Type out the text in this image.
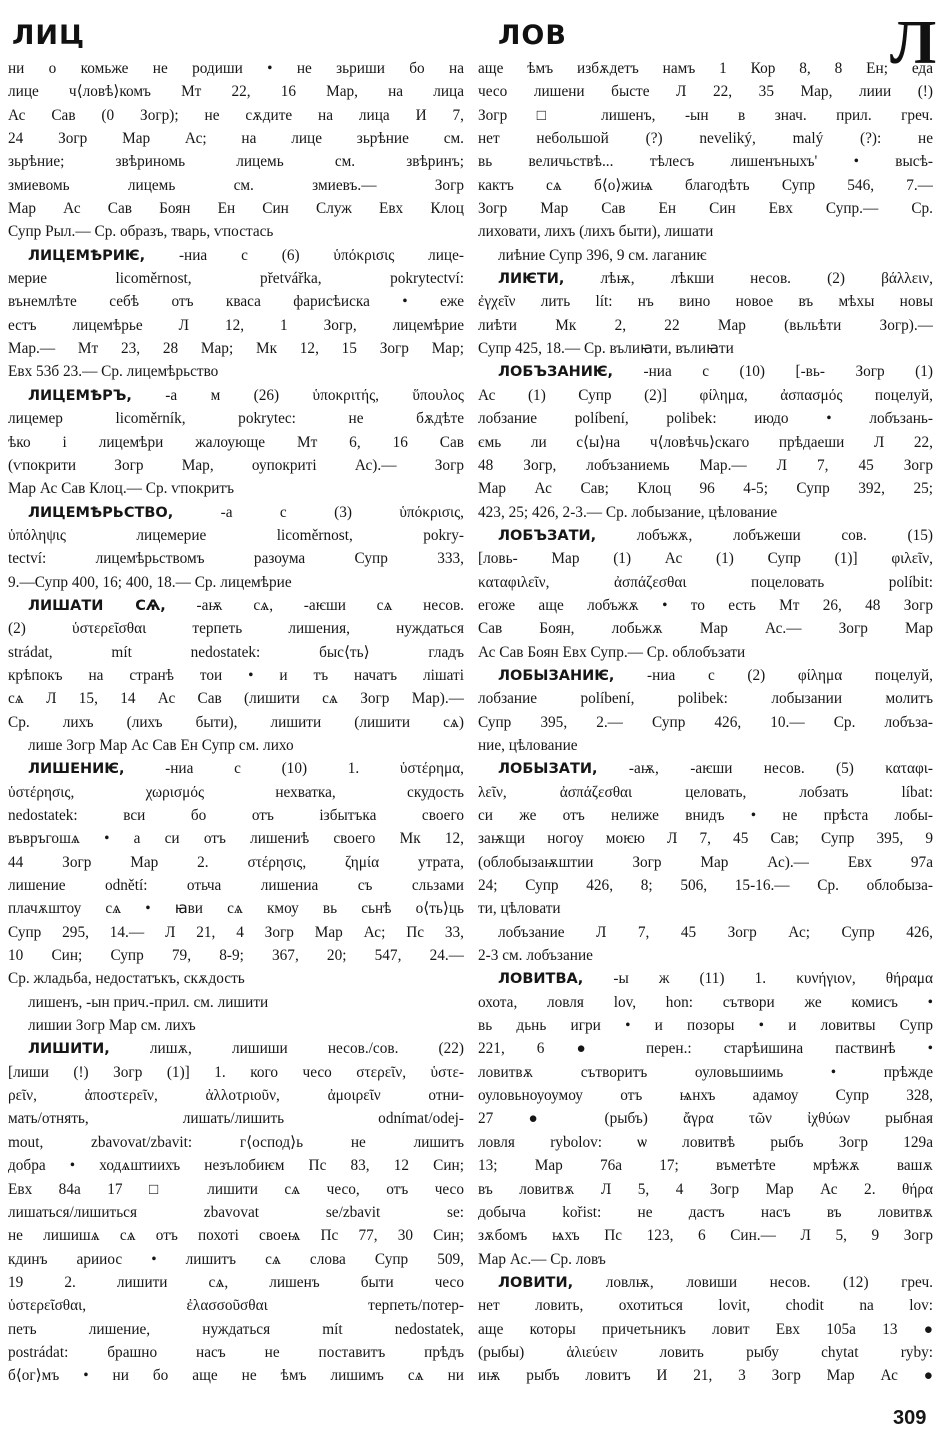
ЛИЦ	ЛОВ	Л
ни о комьже не родиши • не зьриши бо на
лице ч⟨ловѣ⟩комъ Мт 22, 16 Мар, на лица
Ас Сав (0 Зогр); не сѫдите на лица И 7,
24 Зогр Мар Ас; на лице зьрѣние см.
зьрѣние; звѣриномь лицемь см. звѣринъ;
змиевомь лицемь см. змиевъ.— Зогр
Мар Ас Сав Боян Ен Син Служ Евх Клоц
Супр Рыл.— Ср. образъ, тварь, ѵпостась
ЛИЦЕМѢРИѤ, -ниа с (6) ὑπόκρισις лице-
мерие licoměrnost, přetvářka, pokrytectví:
вънемлѣте себѣ отъ кваса фарисѣиска • еже
естъ лицемѣрье Л 12, 1 Зогр, лицемѣрие
Мар.— Мт 23, 28 Мар; Мк 12, 15 Зогр Мар;
Евх 53б 23.— Ср. лицемѣрьство
ЛИЦЕМѢРЪ, -а м (26) ὑποκριτής, ὕπουλος
лицемер licoměrník, pokrytec: не бѫдѣте
ѣко і лицемѣри жалоующе Мт 6, 16 Сав
(ѵпокрити Зогр Мар, оупокриті Ас).— Зогр
Мар Ас Сав Клоц.— Ср. ѵпокритъ
ЛИЦЕМѢРЬСТВО, -а с (3) ὑπόκρισις,
ὑπόληψις лицемерие licoměrnost, pokry-
tectví: лицемѣрьствомъ разоума Супр 333,
9.—Супр 400, 16; 400, 18.— Ср. лицемѣрие
ЛИШАТИ СѦ, -аѭ сѧ, -аѥши сѧ несов.
(2) ὑστερεῖσθαι терпеть лишения, нуждаться
strádat, mít nedostatek: быс⟨ть⟩ гладъ
крѣпокъ на странѣ тои • и тъ начатъ лішаті
сѧ Л 15, 14 Ас Сав (лишити сѧ Зогр Мар).—
Ср. лихъ (лихъ быти), лишити (лишити сѧ)
лише Зогр Мар Ас Сав Ен Супр см. лихо
ЛИШЕНИѤ, -ниа с (10) 1. ὑστέρημα,
ὑστέρησις, χωρισμός нехватка, скудость
nedostatek: вси бо отъ ізбытъка своего
въвръгошѧ • а си отъ лишениѣ своего Мк 12,
44 Зогр Мар 2. στέρησις, ζημία утрата,
лишение odnětí: отьча лишениа съ сльзами
плачѫштоу сѧ • ꙗви сѧ кмоу вь сьнѣ о⟨ть⟩ць
Супр 295, 14.— Л 21, 4 Зогр Мар Ас; Пс 33,
10 Син; Супр 79, 8-9; 367, 20; 547, 24.—
Ср. жладьба, недостатъкъ, скѫдость
лишенъ, -ын прич.-прил. см. лишити
лишии Зогр Мар см. лихъ
ЛИШИТИ, лишѫ, лишиши несов./сов. (22)
[лиши (!) Зогр (1)] 1. кого чесо στερεῖν, ὑστε-
ρεῖν, ἀποστερεῖν, ἀλλοτριοῦν, ἀμοιρεῖν отни-
мать/отнять, лишать/лишить odnímat/odej-
mout, zbavovat/zbavit: г⟨оспод⟩ь не лишитъ
добра • ходѧштиихъ незълобиѥм Пс 83, 12 Син;
Евх 84а 17 □ лишити сѧ чесо, отъ чесо
лишаться/лишиться zbavovat se/zbavit se:
не лишишѧ сѧ отъ похоті своеѩ Пс 77, 30 Син;
кдинъ арииос • лишитъ сѧ слова Супр 509,
19 2. лишити сѧ, лишенъ быти чесо
ὑστερεῖσθαι, ἐλασσοῦσθαι терпеть/потер-
петь лишение, нуждаться mít nedostatek,
postrádat: брашно насъ не поставитъ прѣдъ
б⟨ог⟩мъ • ни бо аще не ѣмъ лишимъ сѧ ни
аще ѣмъ избѫдетъ намъ 1 Кор 8, 8 Ен; еда
чесо лишени бысте Л 22, 35 Мар, лиии (!)
Зогр □ лишенъ, -ын в знач. прил. греч.
нет небольшой (?) neveliký, malý (?): не
вь величьствѣ... тѣлесъ лишенъныхъ' • высѣ-
кактъ сѧ б⟨о⟩жиѩ благодѣть Супр 546, 7.—
Зогр Мар Сав Ен Син Евх Супр.— Ср.
лиховати, лихъ (лихъ быти), лишати
лиѣние Супр 396, 9 см. лаганиѥ
ЛИѤТИ, лѣѭ, лѣкши несов. (2) βάλλειν,
ἐγχεῖν лить lít: нъ вино новое въ мѣхы новы
лиѣти Мк 2, 22 Мар (вьльѣти Зогр).—
Супр 425, 18.— Ср. вълиꙗти, вълиꙗти
ЛОБЪЗАНИѤ, -ниа с (10) [-вь- Зогр (1)
Ас (1) Супр (2)] φίλημα, ἀσπασμός поцелуй,
лобзание políbení, polibek: июдо • лобъзань-
ємь ли с⟨ы⟩на ч⟨ловѣчь⟩скаго прѣдаеши Л 22,
48 Зогр, лобъзаниемь Мар.— Л 7, 45 Зогр
Мар Ас Сав; Клоц 96 4-5; Супр 392, 25;
423, 25; 426, 2-3.— Ср. лобызание, цѣлование
ЛОБЪЗАТИ, лобъжѫ, лобъжеши сов. (15)
[ловь- Мар (1) Ас (1) Супр (1)] φιλεῖν,
καταφιλεῖν, ἀσπάζεσθαι поцеловать políbit:
егоже аще лобъжѫ • то есть Мт 26, 48 Зогр
Сав Боян, лобьжѫ Мар Ас.— Зогр Мар
Ас Сав Боян Евх Супр.— Ср. облобъзати
ЛОБЫЗАНИѤ, -ниа с (2) φίλημα поцелуй,
лобзание políbení, polibek: лобызании молитъ
Супр 395, 2.— Супр 426, 10.— Ср. лобъза-
ние, цѣлование
ЛОБЫЗАТИ, -аѭ, -аѥши несов. (5) καταφι-
λεῖν, ἀσπάζεσθαι целовать, лобзать líbat:
си же отъ нелиже внидъ • не прѣста лобы-
заѭщи ногоу моѥю Л 7, 45 Сав; Супр 395, 9
(облобызаѭштии Зогр Мар Ас).— Евх 97а
24; Супр 426, 8; 506, 15-16.— Ср. облобыза-
ти, цѣловати
лобъзание Л 7, 45 Зогр Ас; Супр 426,
2-3 см. лобъзание
ЛОВИТВА, -ы ж (11) 1. κυνήγιον, θήραμα
охота, ловля lov, hon: сътвори же комисъ •
вь дьнь игри • и позоры • и ловитвы Супр
221, 6 ● перен.: старѣишина паствинѣ •
ловитвѫ сътворитъ оуловьшиимь • прѣжде
оуловьноуоумоу отъ ѩнхъ адамоу Супр 328,
27 ● (рыбъ) ἄγρα τῶν ἰχθύων рыбная
ловля rybolov: ѡ ловитвѣ рыбъ Зогр 129а
13; Мар 76а 17; въметѣте мрѣжѫ вашѫ
въ ловитвѫ Л 5, 4 Зогр Мар Ас 2. θήρα
добыча kořist: не дастъ насъ въ ловитвѫ
зѫбомъ ѩхъ Пс 123, 6 Син.— Л 5, 9 Зогр
Мар Ас.— Ср. ловъ
ЛОВИТИ, ловлѭ, ловиши несов. (12) греч.
нет ловить, охотиться lovit, chodit na lov:
аще которы причетьникъ ловит Евх 105а 13 ●
(рыбы) ἁλιεύειν ловить рыбу chytat ryby:
иѭ рыбъ ловитъ И 21, 3 Зогр Мар Ас ●
309
